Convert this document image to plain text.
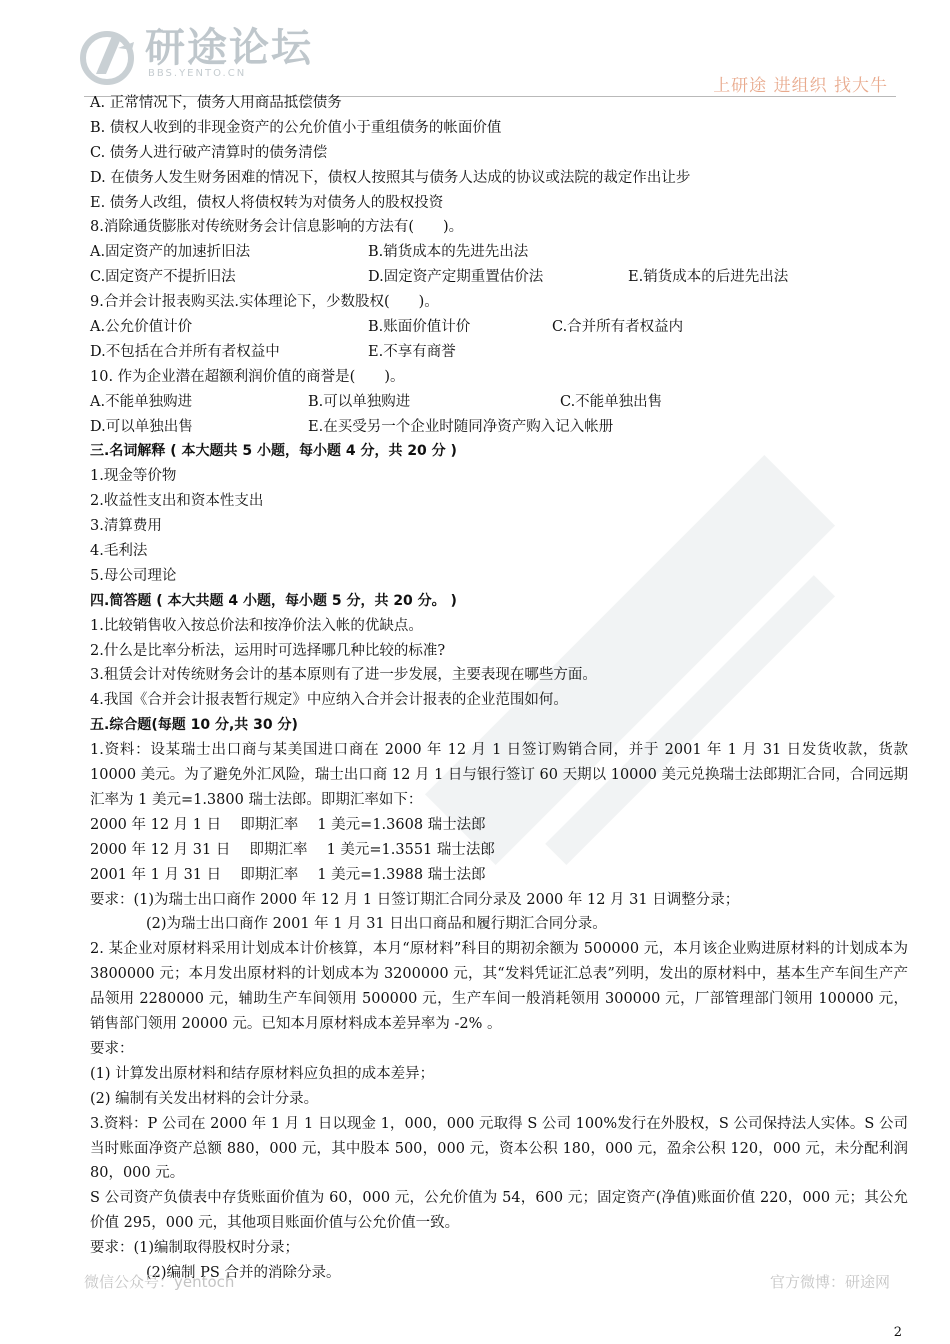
研途论坛
BBS.YENTO.CN
上研途 进组织 找大牛
A. 正常情况下，债务人用商品抵偿债务
B. 债权人收到的非现金资产的公允价值小于重组债务的帐面价值
C. 债务人进行破产清算时的债务清偿
D. 在债务人发生财务困难的情况下，债权人按照其与债务人达成的协议或法院的裁定作出让步
E. 债务人改组，债权人将债权转为对债务人的股权投资
8.消除通货膨胀对传统财务会计信息影响的方法有(　　)。
A.固定资产的加速折旧法	B.销货成本的先进先出法
C.固定资产不提折旧法	D.固定资产定期重置估价法	E.销货成本的后进先出法
9.合并会计报表购买法.实体理论下，少数股权(　　)。
A.公允价值计价	B.账面价值计价	C.合并所有者权益内
D.不包括在合并所有者权益中	E.不享有商誉
10. 作为企业潜在超额利润价值的商誉是(　　)。
A.不能单独购进	B.可以单独购进	C.不能单独出售
D.可以单独出售	E.在买受另一个企业时随同净资产购入记入帐册
三.名词解释 ( 本大题共 5 小题，每小题 4 分，共 20 分 )
1.现金等价物
2.收益性支出和资本性支出
3.清算费用
4.毛利法
5.母公司理论
四.简答题 ( 本大共题 4 小题，每小题 5 分，共 20 分。 )
1.比较销售收入按总价法和按净价法入帐的优缺点。
2.什么是比率分析法，运用时可选择哪几种比较的标准?
3.租赁会计对传统财务会计的基本原则有了进一步发展，主要表现在哪些方面。
4.我国《合并会计报表暂行规定》中应纳入合并会计报表的企业范围如何。
五.综合题(每题 10 分,共 30 分)
1.资料：设某瑞士出口商与某美国进口商在 2000 年 12 月 1 日签订购销合同，并于 2001 年 1 月 31 日发货收款，货款 10000 美元。为了避免外汇风险，瑞士出口商 12 月 1 日与银行签订 60 天期以 10000 美元兑换瑞士法郎期汇合同，合同远期汇率为 1 美元=1.3800 瑞士法郎。即期汇率如下：
2000 年 12 月 1 日　 即期汇率　 1 美元=1.3608 瑞士法郎
2000 年 12 月 31 日　 即期汇率　 1 美元=1.3551 瑞士法郎
2001 年 1 月 31 日　 即期汇率　 1 美元=1.3988 瑞士法郎
要求：(1)为瑞士出口商作 2000 年 12 月 1 日签订期汇合同分录及 2000 年 12 月 31 日调整分录；
(2)为瑞士出口商作 2001 年 1 月 31 日出口商品和履行期汇合同分录。
2. 某企业对原材料采用计划成本计价核算，本月“原材料”科目的期初余额为 500000 元，本月该企业购进原材料的计划成本为 3800000 元；本月发出原材料的计划成本为 3200000 元，其“发料凭证汇总表”列明，发出的原材料中，基本生产车间生产产品领用 2280000 元，辅助生产车间领用 500000 元，生产车间一般消耗领用 300000 元，厂部管理部门领用 100000 元，销售部门领用 20000 元。已知本月原材料成本差异率为 -2% 。
要求：
(1) 计算发出原材料和结存原材料应负担的成本差异；
(2) 编制有关发出材料的会计分录。
3.资料：P 公司在 2000 年 1 月 1 日以现金 1，000，000 元取得 S 公司 100%发行在外股权，S 公司保持法人实体。S 公司当时账面净资产总额 880，000 元，其中股本 500，000 元，资本公积 180，000 元，盈余公积 120，000 元，未分配利润 80，000 元。
S 公司资产负债表中存货账面价值为 60，000 元，公允价值为 54，600 元；固定资产(净值)账面价值 220，000 元；其公允价值 295，000 元，其他项目账面价值与公允价值一致。
要求：(1)编制取得股权时分录；
(2)编制 PS 合并的消除分录。
微信公众号：yentoch	官方微博：研途网
2
